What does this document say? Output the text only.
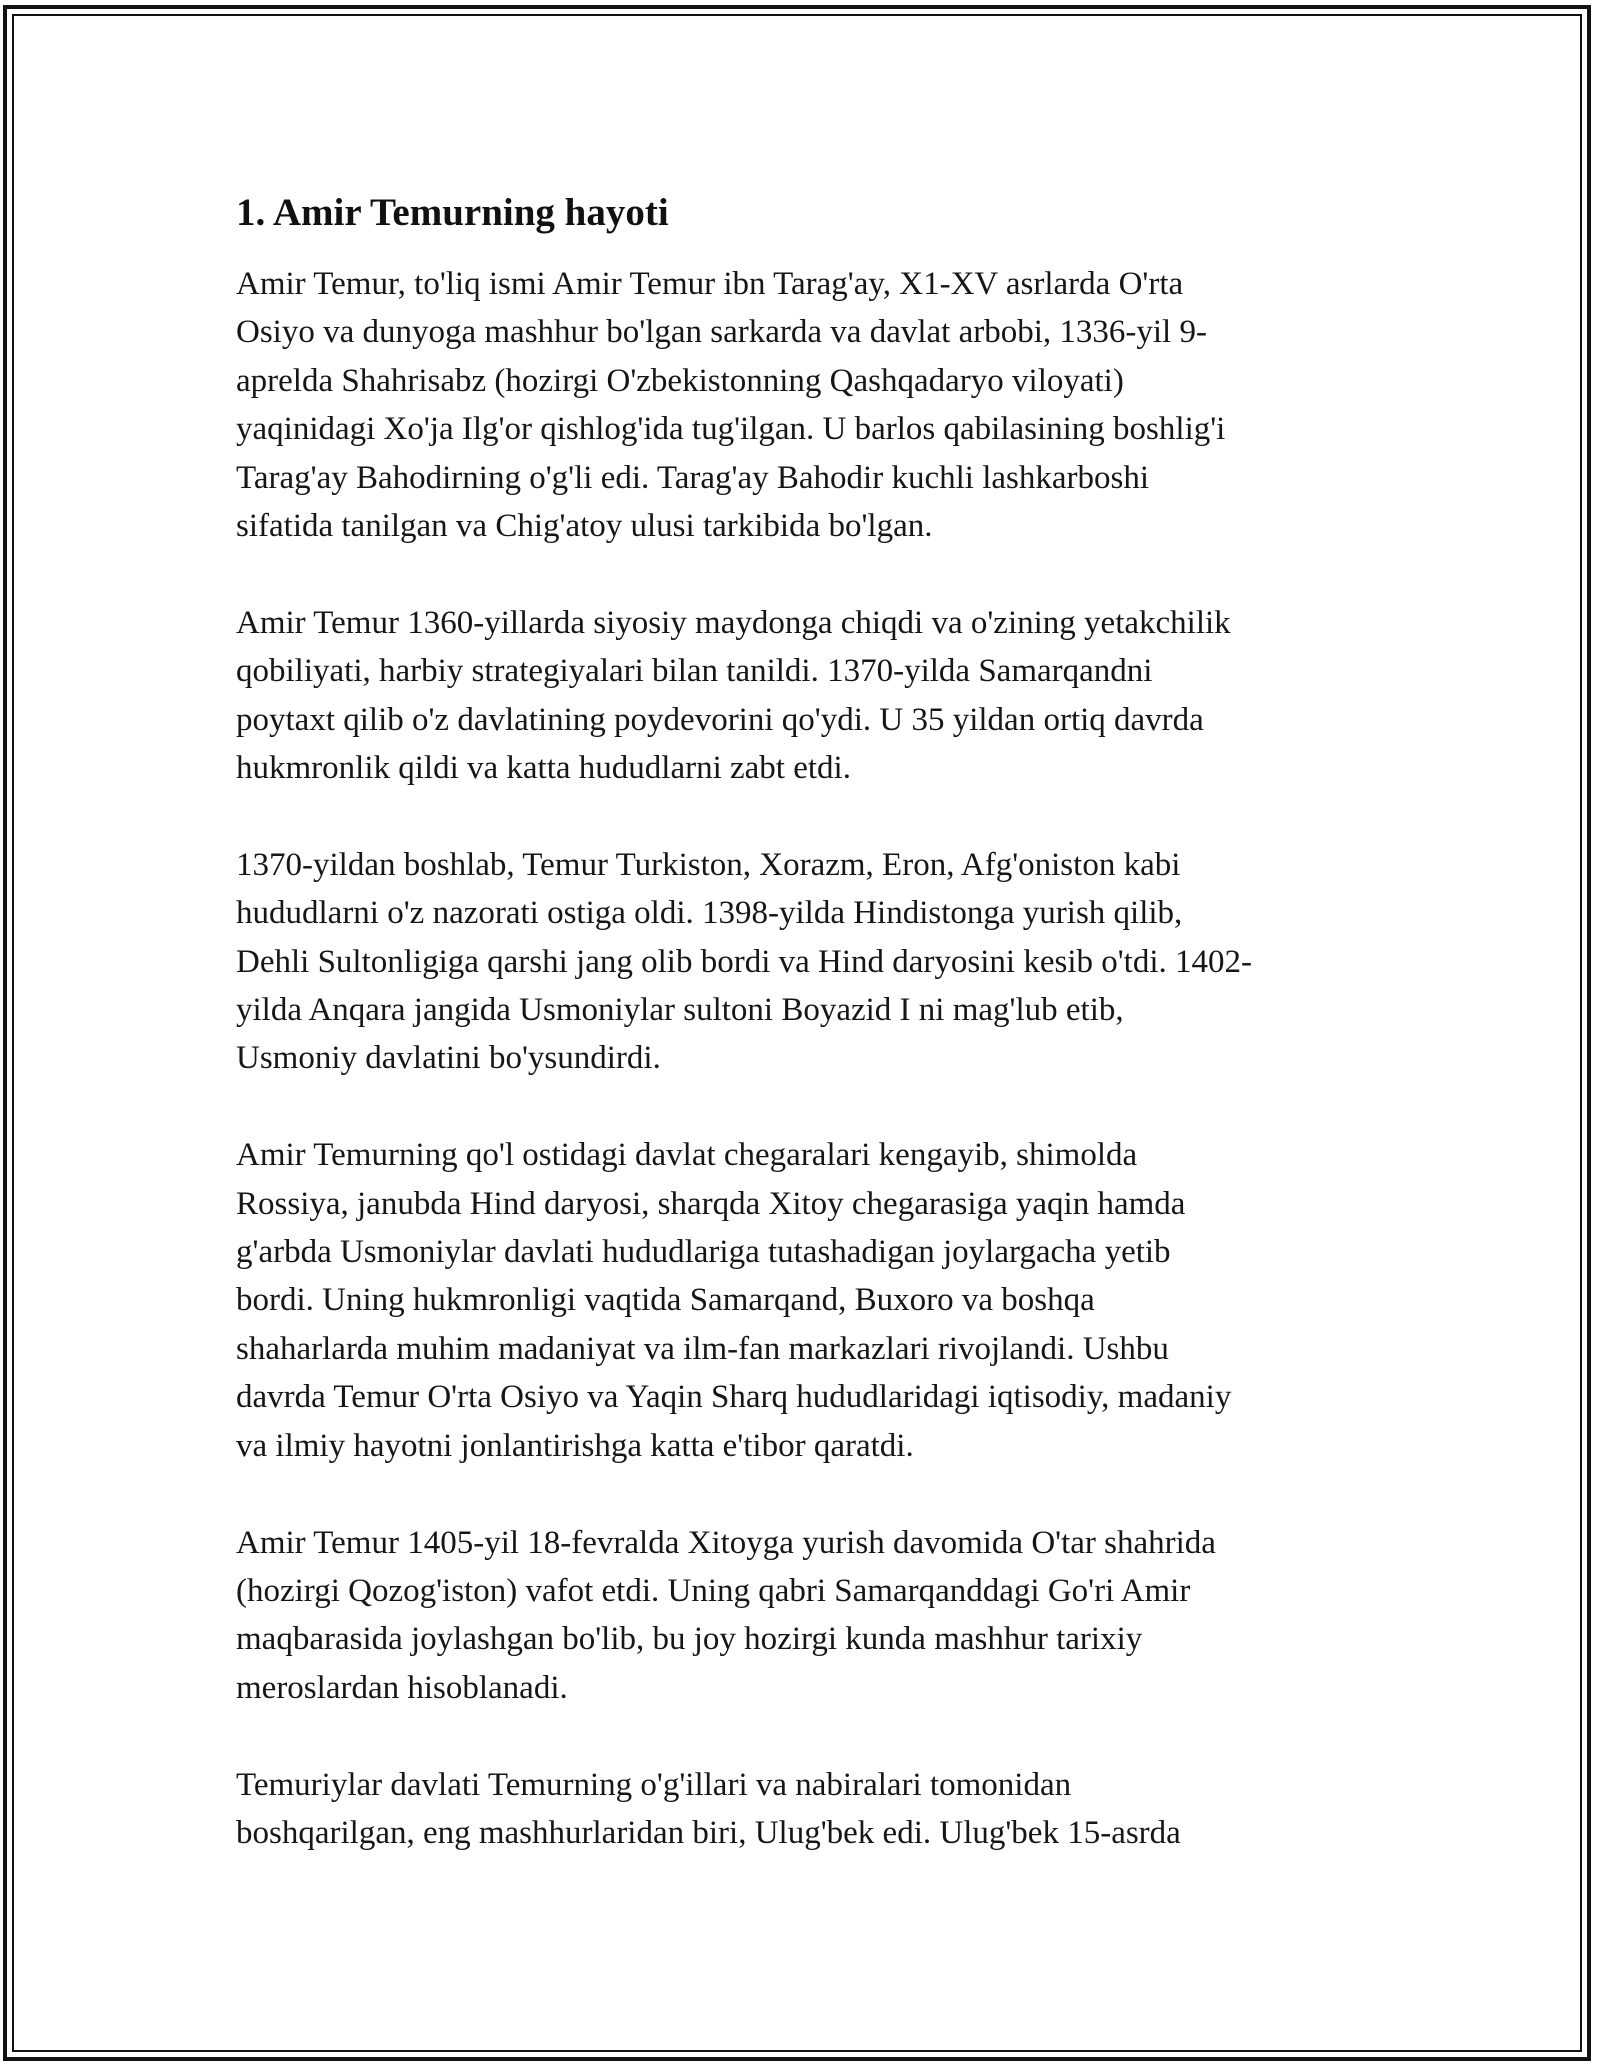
1. Amir Temurning hayoti

Amir Temur, to'liq ismi Amir Temur ibn Tarag'ay, X1-XV asrlarda O'rta
Osiyo va dunyoga mashhur bo'lgan sarkarda va davlat arbobi, 1336-yil 9-
aprelda Shahrisabz (hozirgi O'zbekistonning Qashqadaryo viloyati)
yaqinidagi Xo'ja Ilg'or qishlog'ida tug'ilgan. U barlos qabilasining boshlig'i
Tarag'ay Bahodirning o'g'li edi. Tarag'ay Bahodir kuchli lashkarboshi
sifatida tanilgan va Chig'atoy ulusi tarkibida bo'lgan.

Amir Temur 1360-yillarda siyosiy maydonga chiqdi va o'zining yetakchilik
qobiliyati, harbiy strategiyalari bilan tanildi. 1370-yilda Samarqandni
poytaxt qilib o'z davlatining poydevorini qo'ydi. U 35 yildan ortiq davrda
hukmronlik qildi va katta hududlarni zabt etdi.

1370-yildan boshlab, Temur Turkiston, Xorazm, Eron, Afg'oniston kabi
hududlarni o'z nazorati ostiga oldi. 1398-yilda Hindistonga yurish qilib,
Dehli Sultonligiga qarshi jang olib bordi va Hind daryosini kesib o'tdi. 1402-
yilda Anqara jangida Usmoniylar sultoni Boyazid I ni mag'lub etib,
Usmoniy davlatini bo'ysundirdi.

Amir Temurning qo'l ostidagi davlat chegaralari kengayib, shimolda
Rossiya, janubda Hind daryosi, sharqda Xitoy chegarasiga yaqin hamda
g'arbda Usmoniylar davlati hududlariga tutashadigan joylargacha yetib
bordi. Uning hukmronligi vaqtida Samarqand, Buxoro va boshqa
shaharlarda muhim madaniyat va ilm-fan markazlari rivojlandi. Ushbu
davrda Temur O'rta Osiyo va Yaqin Sharq hududlaridagi iqtisodiy, madaniy
va ilmiy hayotni jonlantirishga katta e'tibor qaratdi.

Amir Temur 1405-yil 18-fevralda Xitoyga yurish davomida O'tar shahrida
(hozirgi Qozog'iston) vafot etdi. Uning qabri Samarqanddagi Go'ri Amir
maqbarasida joylashgan bo'lib, bu joy hozirgi kunda mashhur tarixiy
meroslardan hisoblanadi.

Temuriylar davlati Temurning o'g'illari va nabiralari tomonidan
boshqarilgan, eng mashhurlaridan biri, Ulug'bek edi. Ulug'bek 15-asrda
